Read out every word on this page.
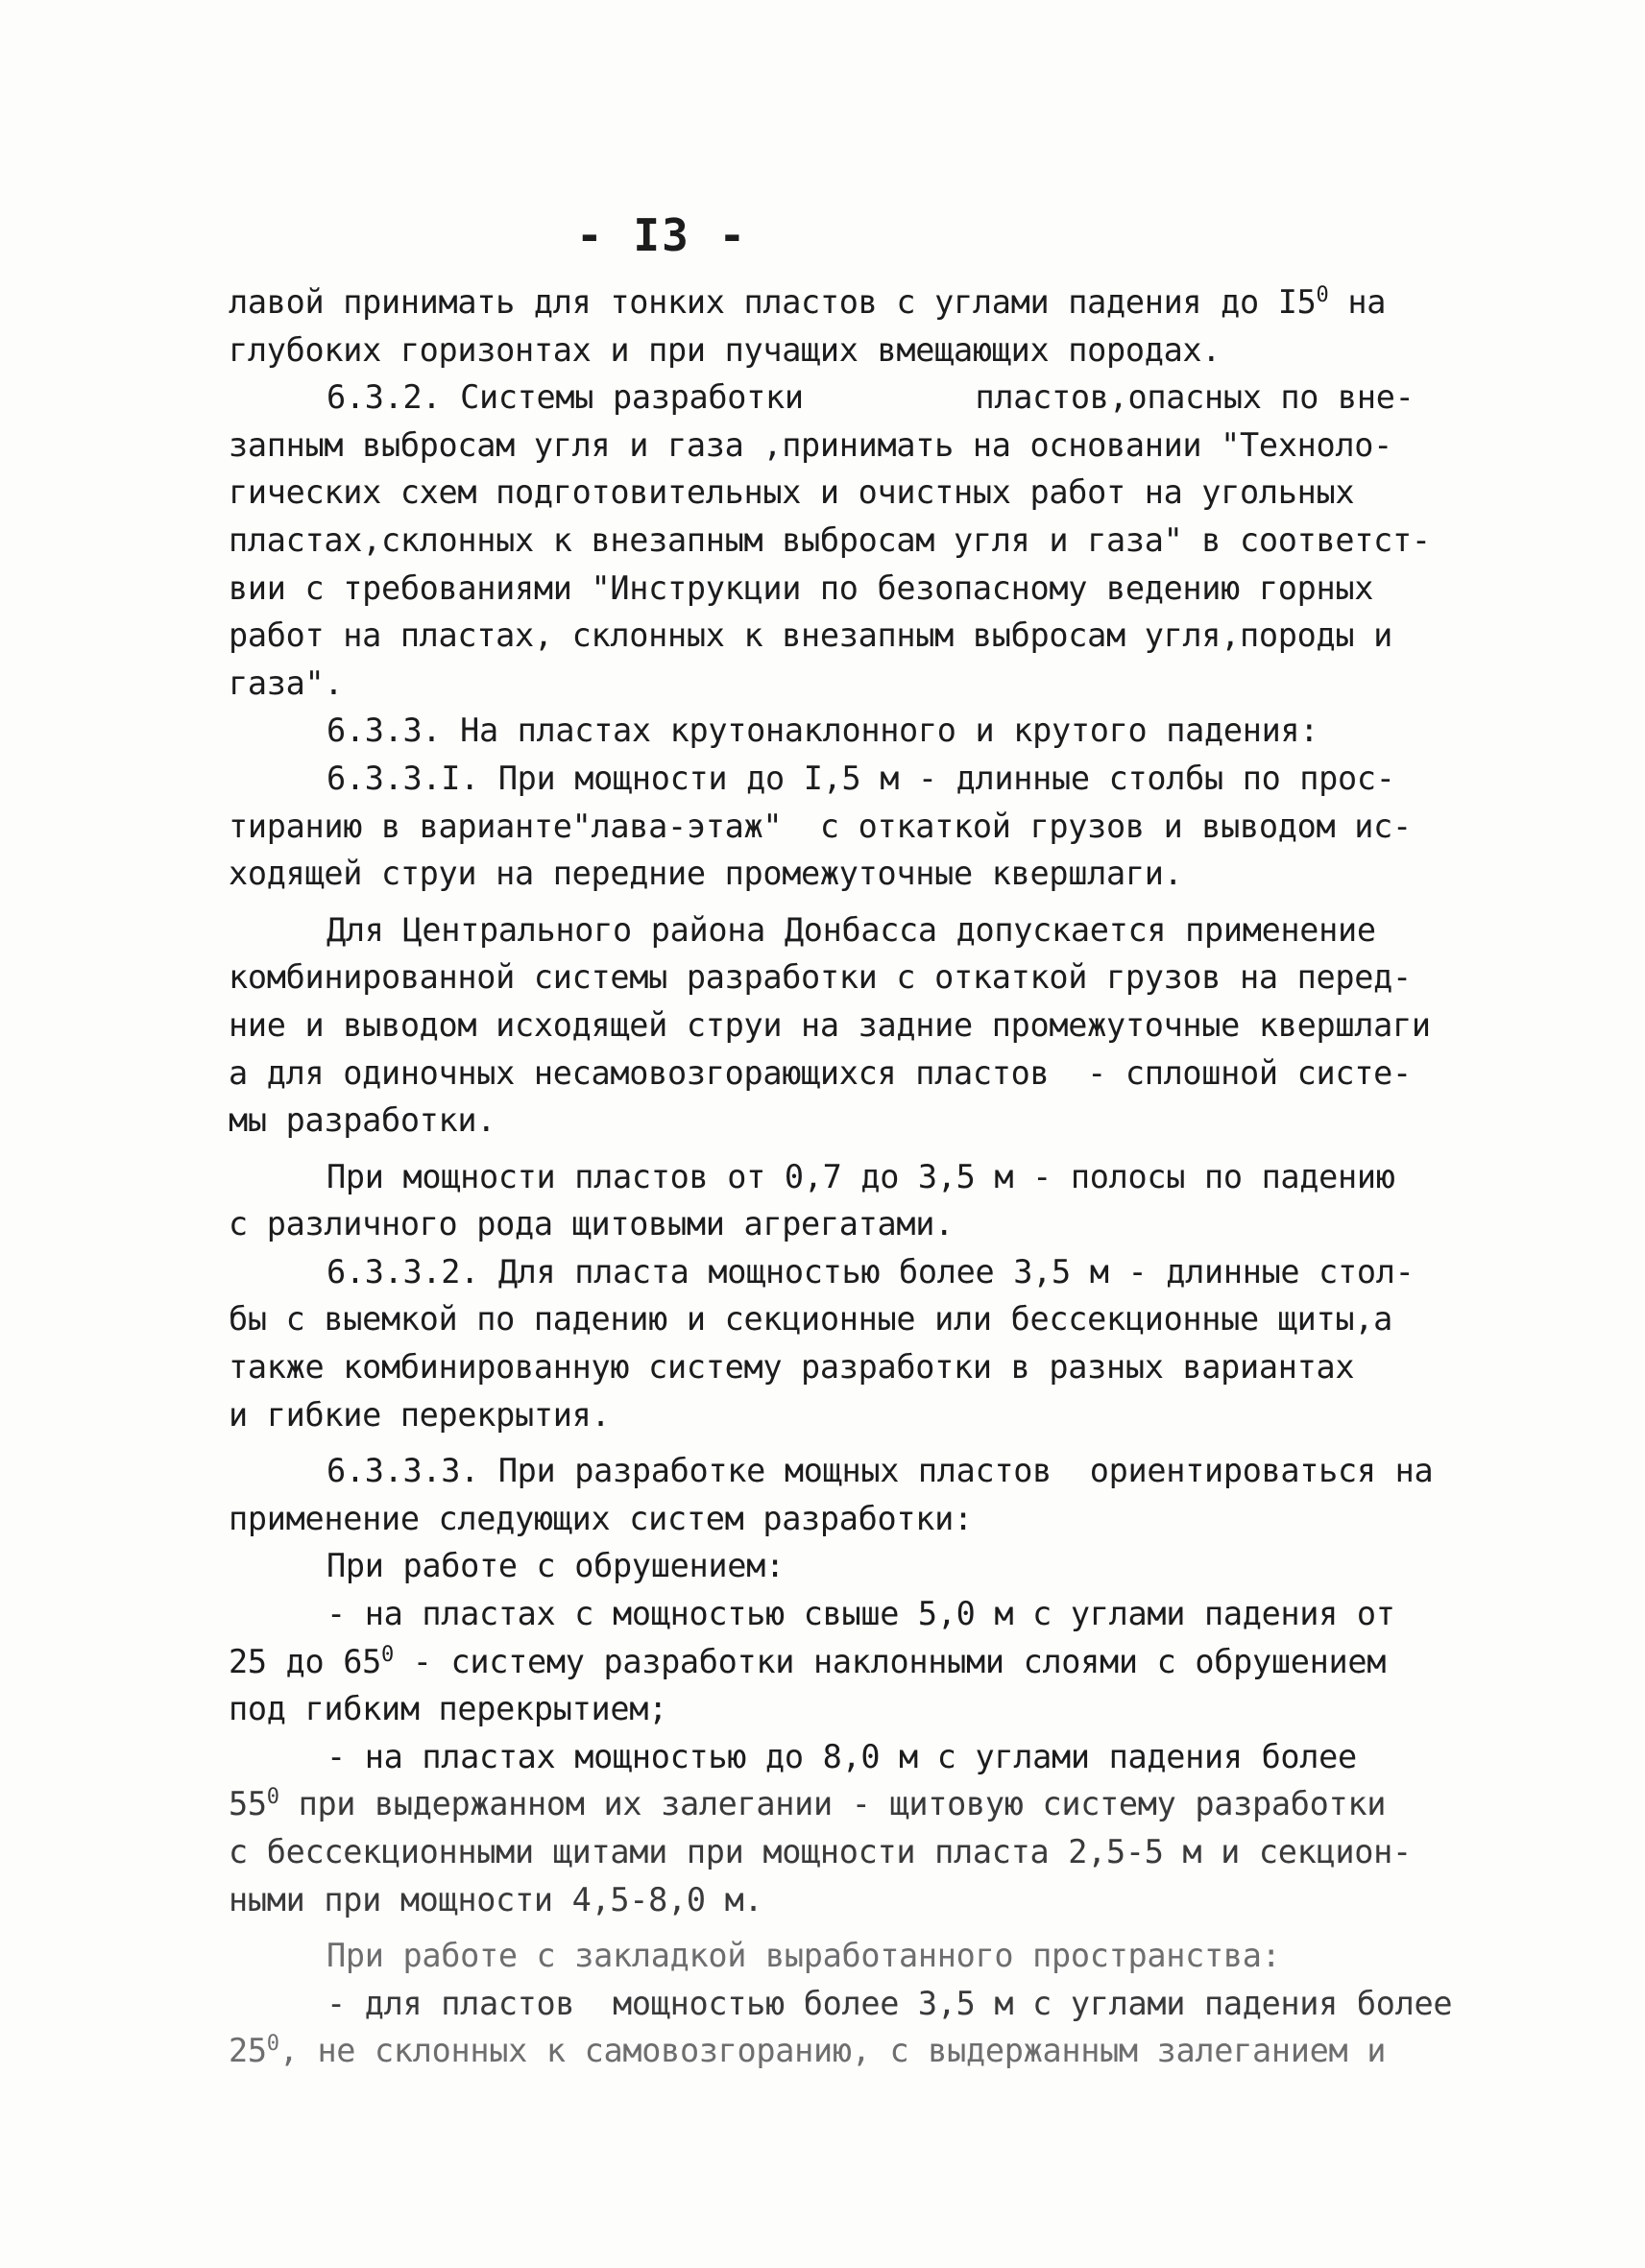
- I3 -
лавой принимать для тонких пластов с углами падения до $I5^0$ на
глубоких горизонтах и при пучащих вмещающих породах.
6.3.2. Системы разработки         пластов,опасных по вне-
запным выбросам угля и газа ,принимать на основании "Техноло-
гических схем подготовительных и очистных работ на угольных
пластах,склонных к внезапным выбросам угля и газа" в соответст-
вии с требованиями "Инструкции по безопасному ведению горных
работ на пластах, склонных к внезапным выбросам угля,породы и
газа".
6.3.3. На пластах крутонаклонного и крутого падения:
6.3.3.I. При мощности до I,5 м - длинные столбы по прос-
тиранию в варианте"лава-этаж"  с откаткой грузов и выводом ис-
ходящей струи на передние промежуточные квершлаги.
Для Центрального района Донбасса допускается применение
комбинированной системы разработки с откаткой грузов на перед-
ние и выводом исходящей струи на задние промежуточные квершлаги
а для одиночных несамовозгорающихся пластов  - сплошной систе-
мы разработки.
При мощности пластов от 0,7 до 3,5 м - полосы по падению
с различного рода щитовыми агрегатами.
6.3.3.2. Для пласта мощностью более 3,5 м - длинные стол-
бы с выемкой по падению и секционные или бессекционные щиты,а
также комбинированную систему разработки в разных вариантах
и гибкие перекрытия.
6.3.3.3. При разработке мощных пластов  ориентироваться на
применение следующих систем разработки:
При работе с обрушением:
- на пластах с мощностью свыше 5,0 м с углами падения от
25 до $65^0$ - систему разработки наклонными слоями с обрушением
под гибким перекрытием;
- на пластах мощностью до 8,0 м с углами падения более
$55^0$ при выдержанном их залегании - щитовую систему разработки
с бессекционными щитами при мощности пласта 2,5-5 м и секцион-
ными при мощности 4,5-8,0 м.
При работе с закладкой выработанного пространства:
- для пластов  мощностью более 3,5 м с углами падения более
$25^0$, не склонных к самовозгоранию, с выдержанным залеганием и
